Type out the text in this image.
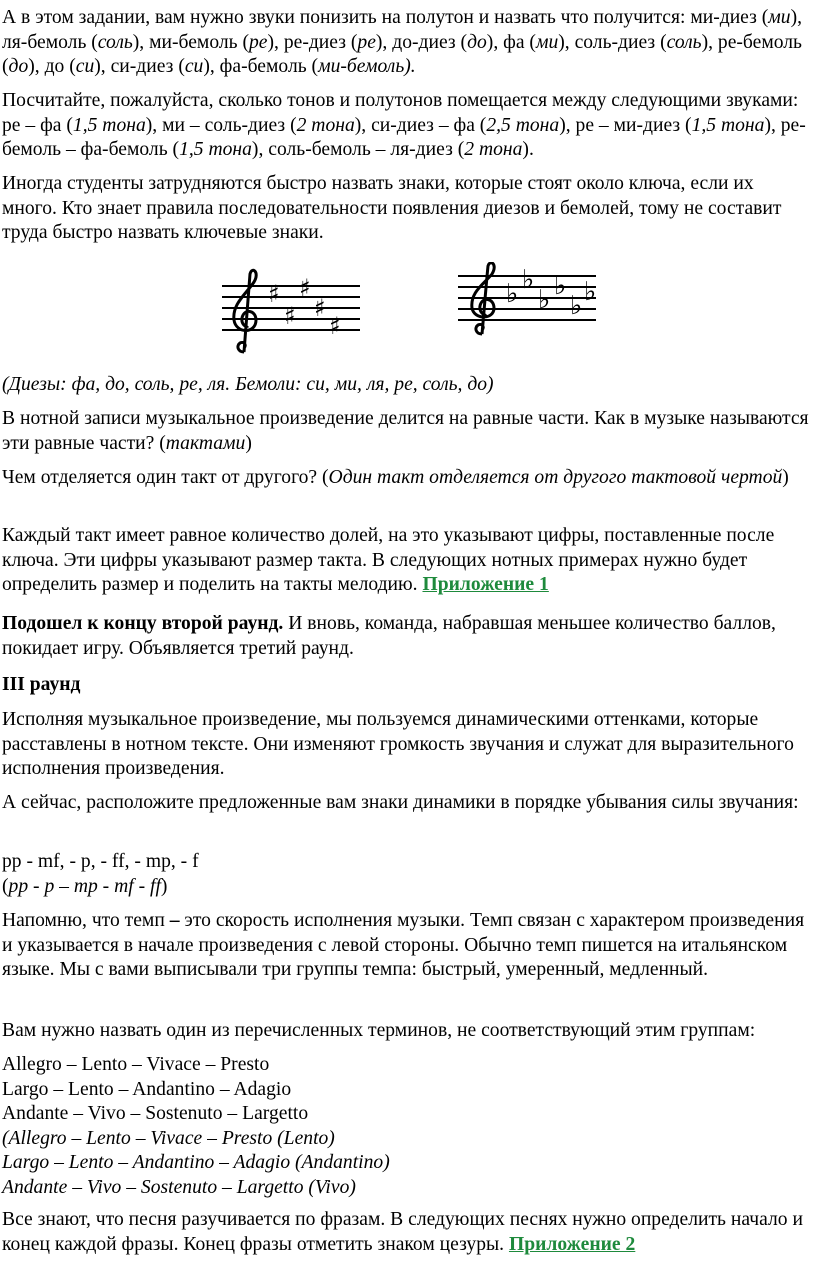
А в этом задании, вам нужно звуки понизить на полутон и назвать что получится: ми-диез (ми), ля-бемоль (соль), ми-бемоль (ре), ре-диез (ре), до-диез (до), фа (ми), соль-диез (соль), ре-бемоль (до), до (си), си-диез (си), фа-бемоль (ми-бемоль).

Посчитайте, пожалуйста, сколько тонов и полутонов помещается между следующими звуками: ре – фа (1,5 тона), ми – соль-диез (2 тона), си-диез – фа (2,5 тона), ре – ми-диез (1,5 тона), ре-бемоль – фа-бемоль (1,5 тона), соль-бемоль – ля-диез (2 тона).

Иногда студенты затрудняются быстро назвать знаки, которые стоят около ключа, если их много. Кто знает правила последовательности появления диезов и бемолей, тому не составит труда быстро назвать ключевые знаки.

♯
♯
♯
♯
♯
♭ ♭
♭ ♭
♭ ♭

(Диезы: фа, до, соль, ре, ля. Бемоли: си, ми, ля, ре, соль, до)

В нотной записи музыкальное произведение делится на равные части. Как в музыке называются эти равные части? (тактами)

Чем отделяется один такт от другого? (Один такт отделяется от другого тактовой чертой)

Каждый такт имеет равное количество долей, на это указывают цифры, поставленные после ключа. Эти цифры указывают размер такта. В следующих нотных примерах нужно будет определить размер и поделить на такты мелодию. Приложение 1

Подошел к концу второй раунд. И вновь, команда, набравшая меньшее количество баллов, покидает игру. Объявляется третий раунд.

III раунд

Исполняя музыкальное произведение, мы пользуемся динамическими оттенками, которые расставлены в нотном тексте. Они изменяют громкость звучания и служат для выразительного исполнения произведения.

А сейчас, расположите предложенные вам знаки динамики в порядке убывания силы звучания:

pp - mf, - p, - ff, - mp, - f
(pp - p – mp - mf - ff)

Напомню, что темп – это скорость исполнения музыки. Темп связан с характером произведения и указывается в начале произведения с левой стороны. Обычно темп пишется на итальянском языке. Мы с вами выписывали три группы темпа: быстрый, умеренный, медленный.

Вам нужно назвать один из перечисленных терминов, не соответствующий этим группам:

Allegro – Lento – Vivace – Presto
Largo – Lento – Andantino – Adagio
Andante – Vivo – Sostenuto – Largetto
(Allegro – Lento – Vivace – Presto (Lento)
Largo – Lento – Andantino – Adagio (Andantino)
Andante – Vivo – Sostenuto – Largetto (Vivo)

Все знают, что песня разучивается по фразам. В следующих песнях нужно определить начало и конец каждой фразы. Конец фразы отметить знаком цезуры. Приложение 2
